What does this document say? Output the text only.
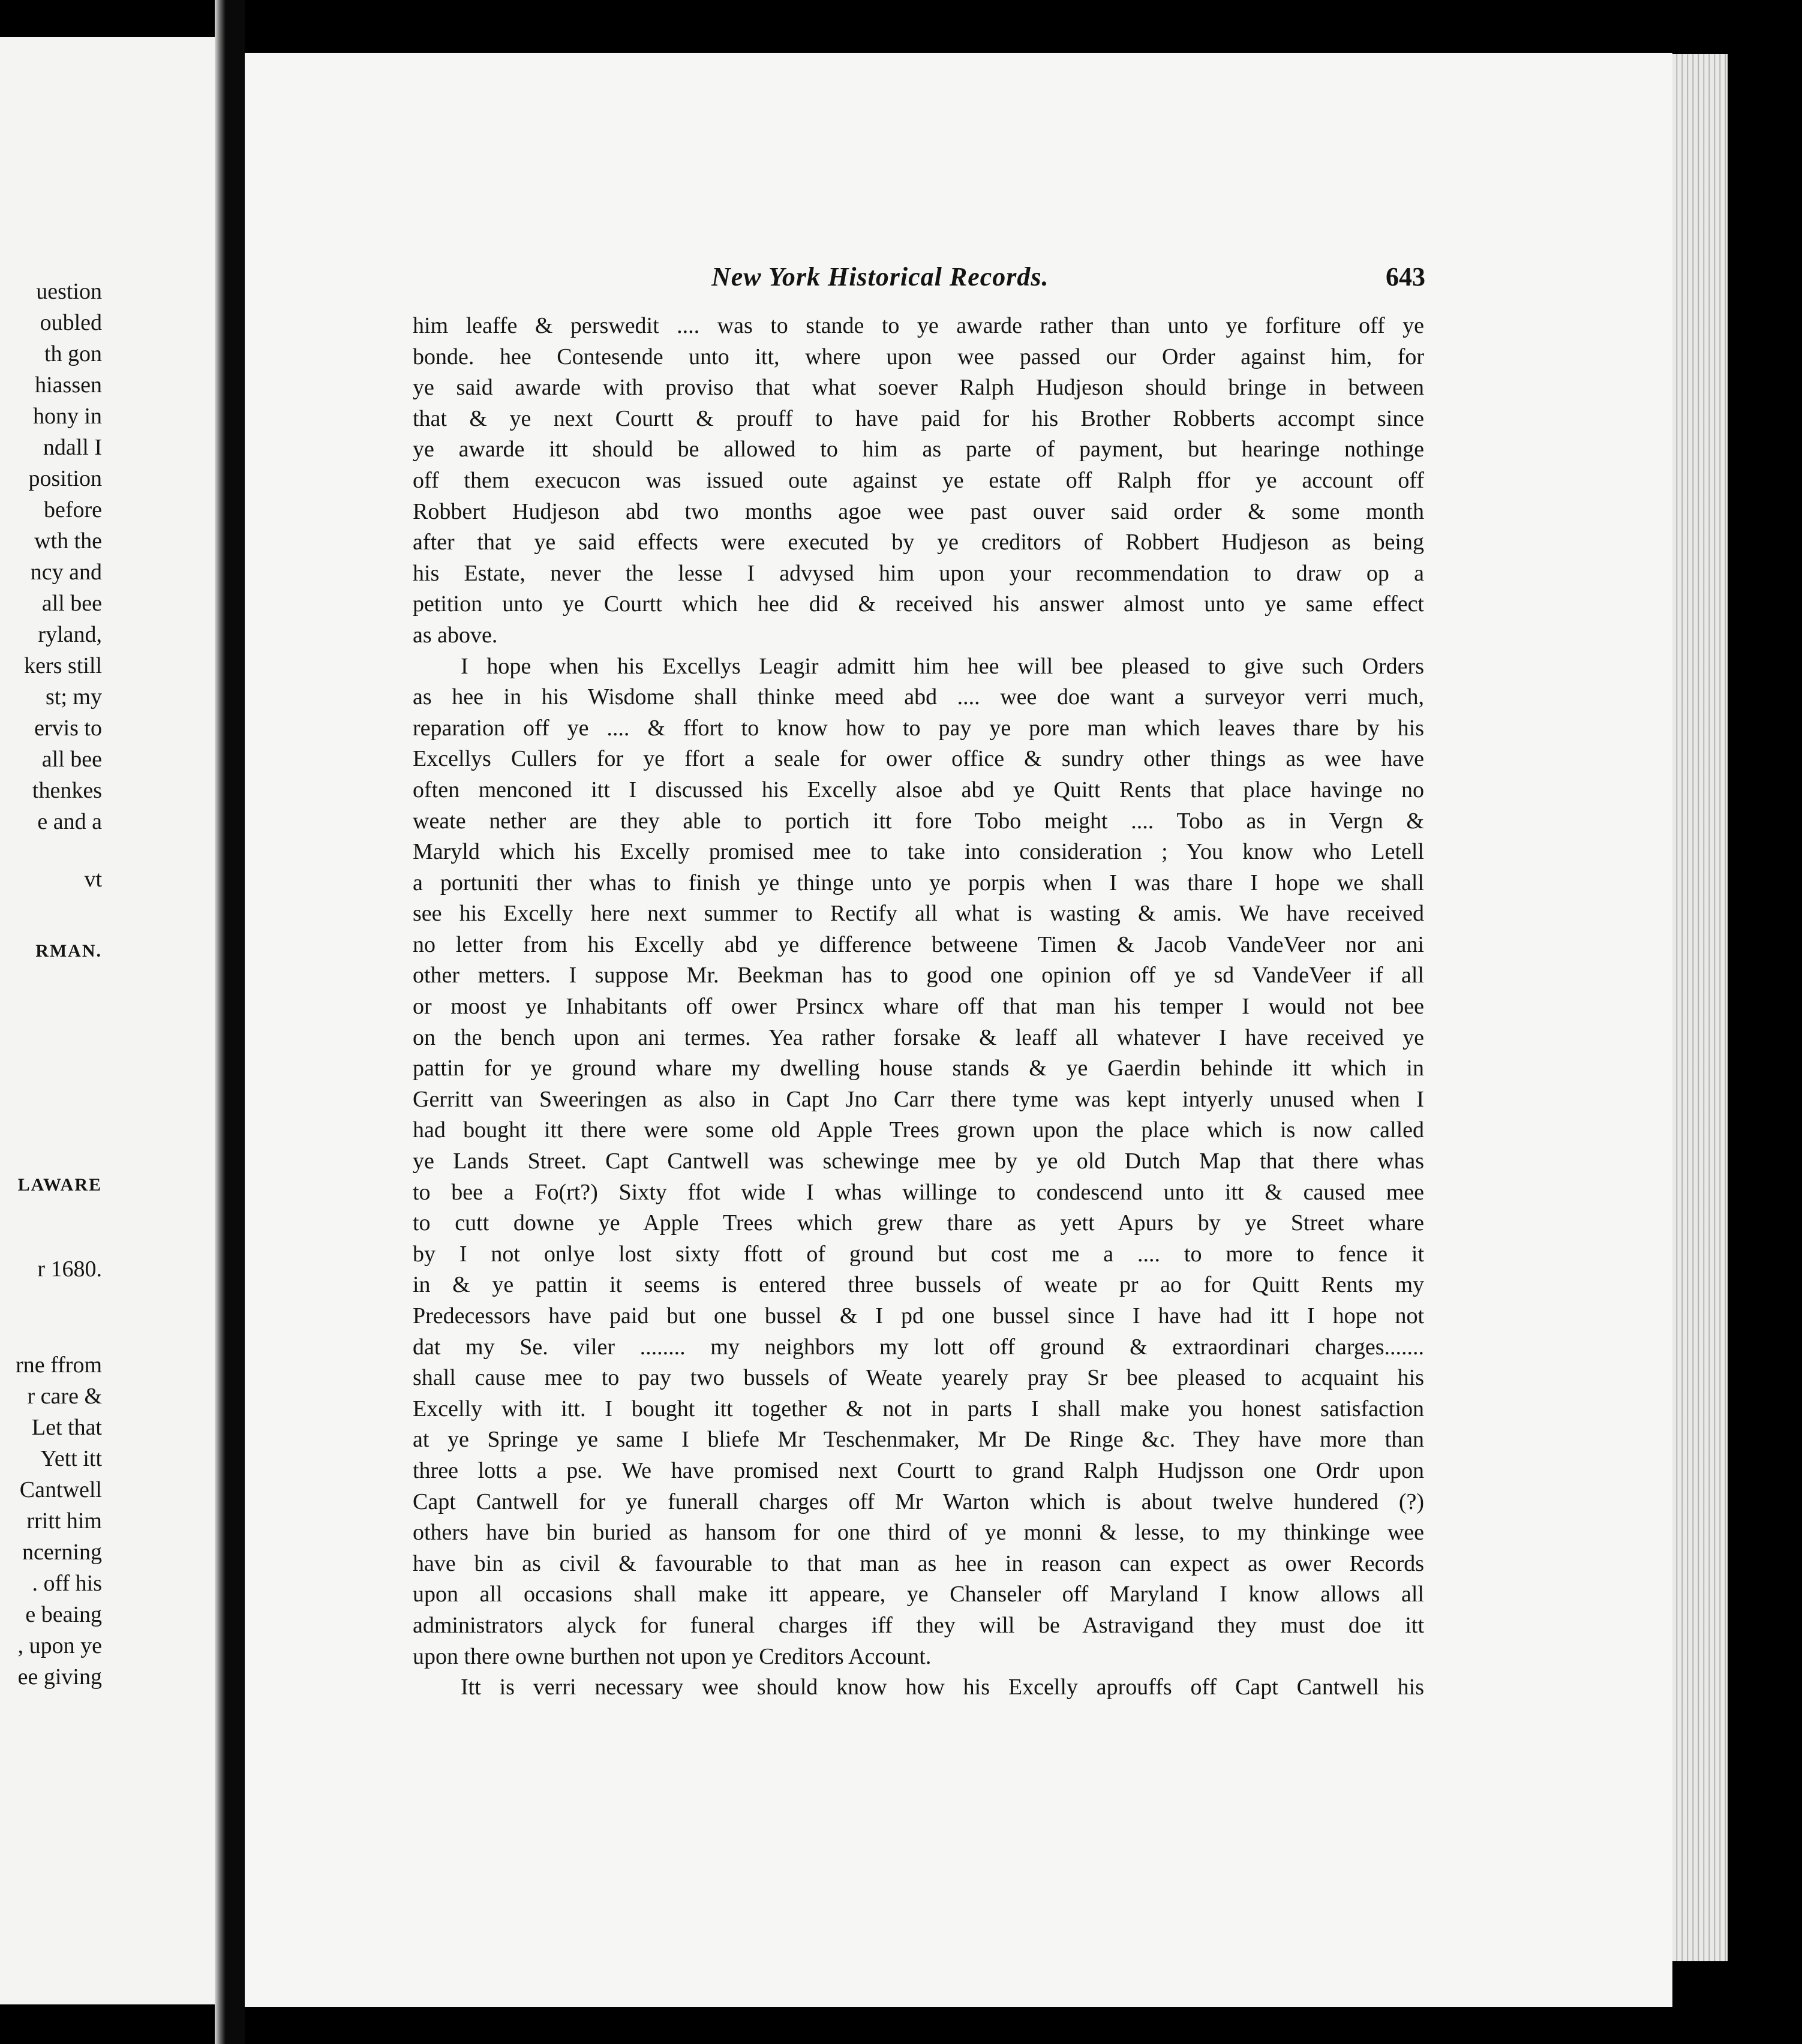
uestion
oubled
th gon
hiassen
hony in
ndall I
position
before
wth the
ncy and
all bee
ryland,
kers still
st; my
ervis to
all bee
thenkes
e and a
vt
RMAN.
LAWARE
r 1680.
rne ffrom
r care &
Let that
Yett itt
Cantwell
rritt him
ncerning
. off his
e beaing
, upon ye
ee giving
New York Historical Records.	643

him leaffe & perswedit .... was to stande to ye awarde rather than unto ye forfiture off ye

bonde. hee Contesende unto itt, where upon wee passed our Order against him, for

ye said awarde with proviso that what soever Ralph Hudjeson should bringe in between

that & ye next Courtt & prouff to have paid for his Brother Robberts accompt since

ye awarde itt should be allowed to him as parte of payment, but hearinge nothinge

off them execucon was issued oute against ye estate off Ralph ffor ye account off

Robbert Hudjeson abd two months agoe wee past ouver said order & some month

after that ye said effects were executed by ye creditors of Robbert Hudjeson as being

his Estate, never the lesse I advysed him upon your recommendation to draw op a

petition unto ye Courtt which hee did & received his answer almost unto ye same effect

as above.

I hope when his Excellys Leagir admitt him hee will bee pleased to give such Orders

as hee in his Wisdome shall thinke meed abd .... wee doe want a surveyor verri much,

reparation off ye .... & ffort to know how to pay ye pore man which leaves thare by his

Excellys Cullers for ye ffort a seale for ower office & sundry other things as wee have

often menconed itt I discussed his Excelly alsoe abd ye Quitt Rents that place havinge no

weate nether are they able to portich itt fore Tobo meight .... Tobo as in Vergn &

Maryld which his Excelly promised mee to take into consideration ; You know who Letell

a portuniti ther whas to finish ye thinge unto ye porpis when I was thare I hope we shall

see his Excelly here next summer to Rectify all what is wasting & amis. We have received

no letter from his Excelly abd ye difference betweene Timen & Jacob VandeVeer nor ani

other metters. I suppose Mr. Beekman has to good one opinion off ye sd VandeVeer if all

or moost ye Inhabitants off ower Prsincx whare off that man his temper I would not bee

on the bench upon ani termes. Yea rather forsake & leaff all whatever I have received ye

pattin for ye ground whare my dwelling house stands & ye Gaerdin behinde itt which in

Gerritt van Sweeringen as also in Capt Jno Carr there tyme was kept intyerly unused when I

had bought itt there were some old Apple Trees grown upon the place which is now called

ye Lands Street. Capt Cantwell was schewinge mee by ye old Dutch Map that there whas

to bee a Fo(rt?) Sixty ffot wide I whas willinge to condescend unto itt & caused mee

to cutt downe ye Apple Trees which grew thare as yett Apurs by ye Street whare

by I not onlye lost sixty ffott of ground but cost me a .... to more to fence it

in & ye pattin it seems is entered three bussels of weate pr ao for Quitt Rents my

Predecessors have paid but one bussel & I pd one bussel since I have had itt I hope not

dat my Se. viler ........ my neighbors my lott off ground & extraordinari charges.......

shall cause mee to pay two bussels of Weate yearely pray Sr bee pleased to acquaint his

Excelly with itt. I bought itt together & not in parts I shall make you honest satisfaction

at ye Springe ye same I bliefe Mr Teschenmaker, Mr De Ringe &c. They have more than

three lotts a pse. We have promised next Courtt to grand Ralph Hudjsson one Ordr upon

Capt Cantwell for ye funerall charges off Mr Warton which is about twelve hundered (?)

others have bin buried as hansom for one third of ye monni & lesse, to my thinkinge wee

have bin as civil & favourable to that man as hee in reason can expect as ower Records

upon all occasions shall make itt appeare, ye Chanseler off Maryland I know allows all

administrators alyck for funeral charges iff they will be Astravigand they must doe itt

upon there owne burthen not upon ye Creditors Account.

Itt is verri necessary wee should know how his Excelly aprouffs off Capt Cantwell his
